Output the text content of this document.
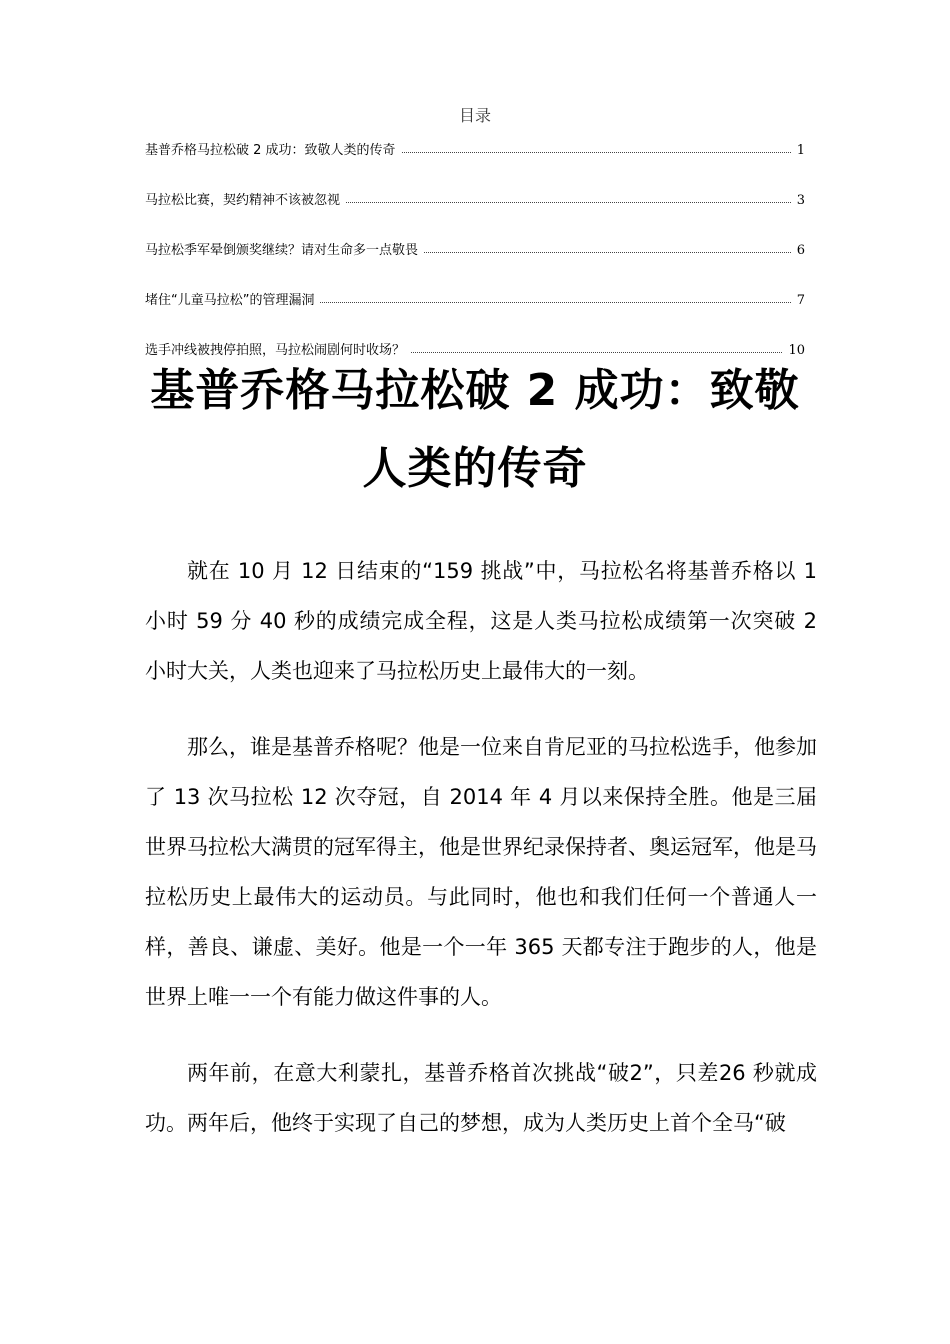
目录
基普乔格马拉松破 2 成功：致敬人类的传奇	1
马拉松比赛，契约精神不该被忽视	3
马拉松季军晕倒颁奖继续？请对生命多一点敬畏	6
堵住“儿童马拉松”的管理漏洞	7
选手冲线被拽停拍照，马拉松闹剧何时收场？	10
基普乔格马拉松破 2 成功：致敬人类的传奇

就在 10 月 12 日结束的“159 挑战”中，马拉松名将基普乔格以 1 小时 59 分 40 秒的成绩完成全程，这是人类马拉松成绩第一次突破 2 小时大关，人类也迎来了马拉松历史上最伟大的一刻。

那么，谁是基普乔格呢？他是一位来自肯尼亚的马拉松选手，他参加了 13 次马拉松 12 次夺冠，自 2014 年 4 月以来保持全胜。他是三届世界马拉松大满贯的冠军得主，他是世界纪录保持者、奥运冠军，他是马拉松历史上最伟大的运动员。与此同时，他也和我们任何一个普通人一样，善良、谦虚、美好。他是一个一年 365 天都专注于跑步的人，他是世界上唯一一个有能力做这件事的人。

两年前，在意大利蒙扎，基普乔格首次挑战“破2”，只差26 秒就成功。两年后，他终于实现了自己的梦想，成为人类历史上首个全马“破
